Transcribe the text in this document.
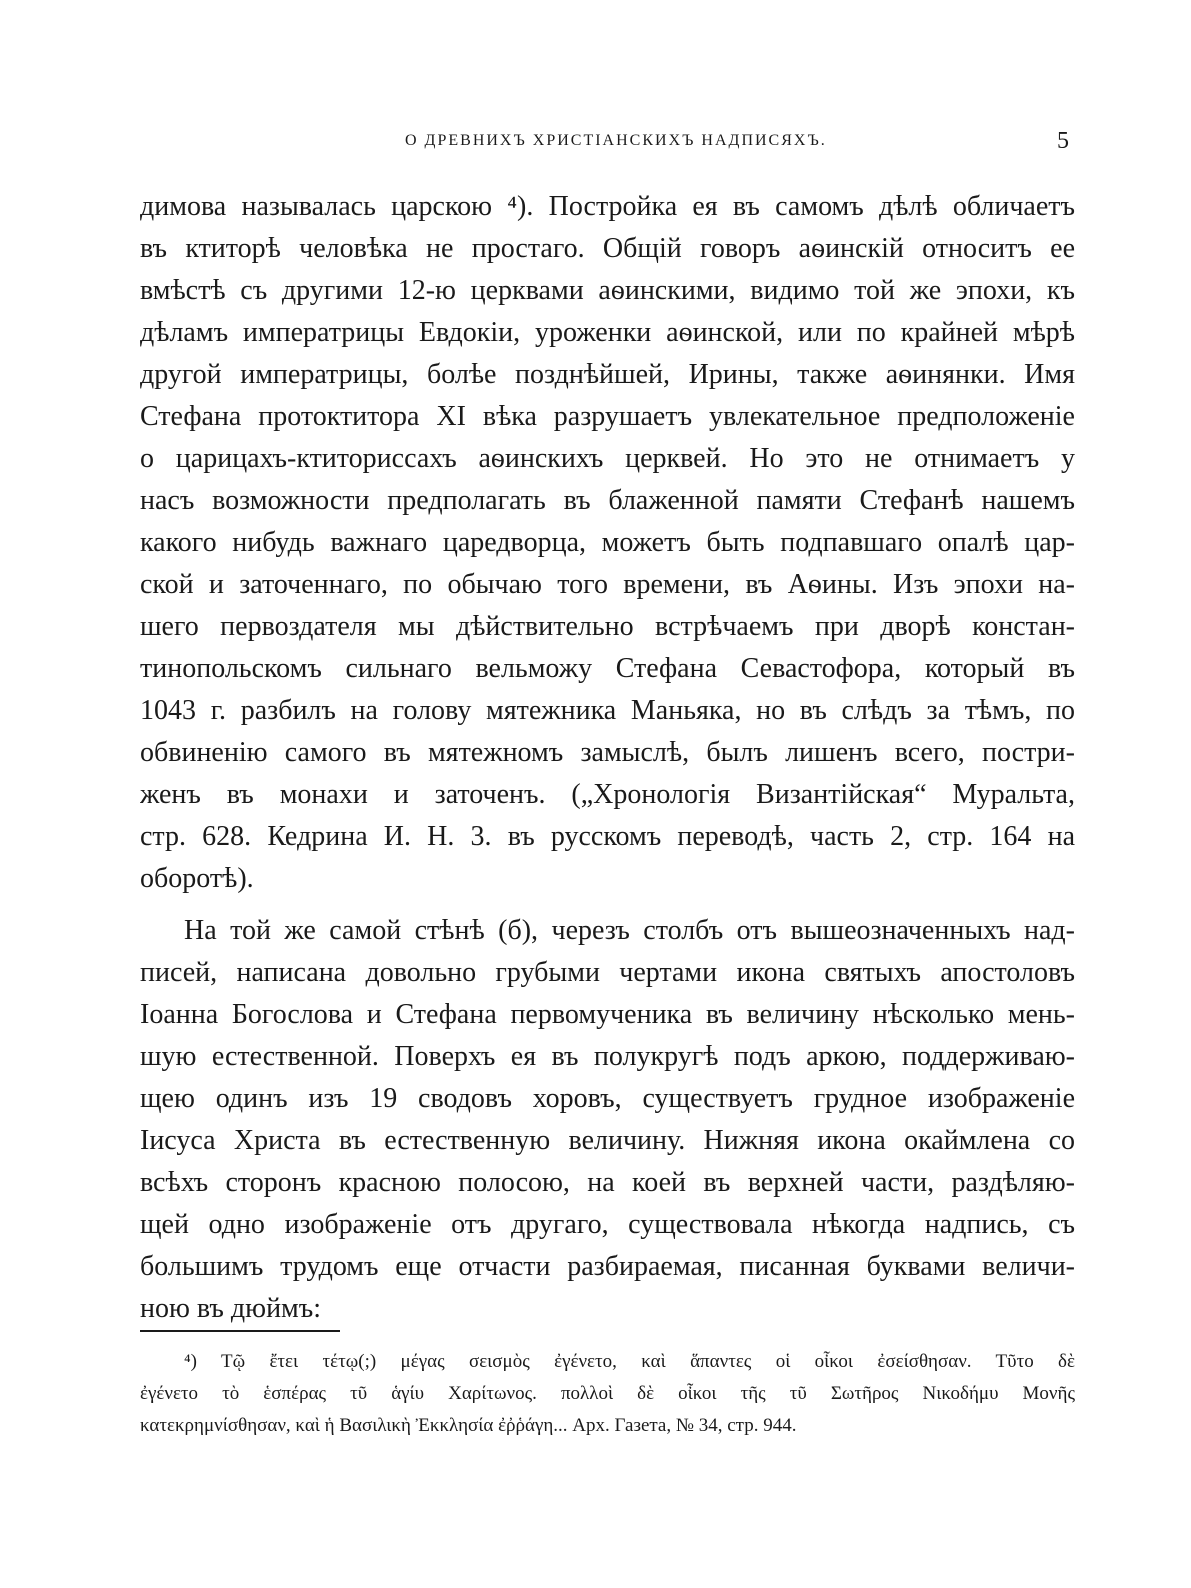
О ДРЕВНИХЪ ХРИСТІАНСКИХЪ НАДПИСЯХЪ.	5
димова называлась царскою ⁴). Постройка ея въ самомъ дѣлѣ обличаетъ
въ ктиторѣ человѣка не простаго. Общій говоръ аѳинскій относитъ ее
вмѣстѣ съ другими 12-ю церквами аѳинскими, видимо той же эпохи, къ
дѣламъ императрицы Евдокіи, уроженки аѳинской, или по крайней мѣрѣ
другой императрицы, болѣе позднѣйшей, Ирины, также аѳинянки. Имя
Стефана протоктитора XI вѣка разрушаетъ увлекательное предположеніе
о царицахъ-ктиториссахъ аѳинскихъ церквей. Но это не отнимаетъ у
насъ возможности предполагать въ блаженной памяти Стефанѣ нашемъ
какого нибудь важнаго царедворца, можетъ быть подпавшаго опалѣ цар-
ской и заточеннаго, по обычаю того времени, въ Аѳины. Изъ эпохи на-
шего первоздателя мы дѣйствительно встрѣчаемъ при дворѣ констан-
тинопольскомъ сильнаго вельможу Стефана Севастофора, который въ
1043 г. разбилъ на голову мятежника Маньяка, но въ слѣдъ за тѣмъ, по
обвиненію самого въ мятежномъ замыслѣ, былъ лишенъ всего, постри-
женъ въ монахи и заточенъ. („Хронологія Византійская“ Муральта,
стр. 628. Кедрина И. Н. 3. въ русскомъ переводѣ, часть 2, стр. 164 на
оборотѣ).
На той же самой стѣнѣ (б), черезъ столбъ отъ вышеозначенныхъ над-
писей, написана довольно грубыми чертами икона святыхъ апостоловъ
Іоанна Богослова и Стефана первомученика въ величину нѣсколько мень-
шую естественной. Поверхъ ея въ полукругѣ подъ аркою, поддерживаю-
щею одинъ изъ 19 сводовъ хоровъ, существуетъ грудное изображеніе
Іисуса Христа въ естественную величину. Нижняя икона окаймлена со
всѣхъ сторонъ красною полосою, на коей въ верхней части, раздѣляю-
щей одно изображеніе отъ другаго, существовала нѣкогда надпись, съ
большимъ трудомъ еще отчасти разбираемая, писанная буквами величи-
ною въ дюймъ:
⁴) Τῷ ἔτει τέτῳ(;) μέγας σεισμὸς ἐγένετο, καὶ ἅπαντες οἱ οἶκοι ἐσείσθησαν. Τῦτο δὲ
ἐγένετο τὸ ἑσπέρας τῦ ἁγίυ Χαρίτωνος. πολλοὶ δὲ οἶκοι τῆς τῦ Σωτῆρος Νικοδήμυ Μονῆς
κατεκρημνίσθησαν, καὶ ἡ Βασιλικὴ Ἐκκλησία ἐῤῥάγη... Арх. Газета, № 34, стр. 944.
